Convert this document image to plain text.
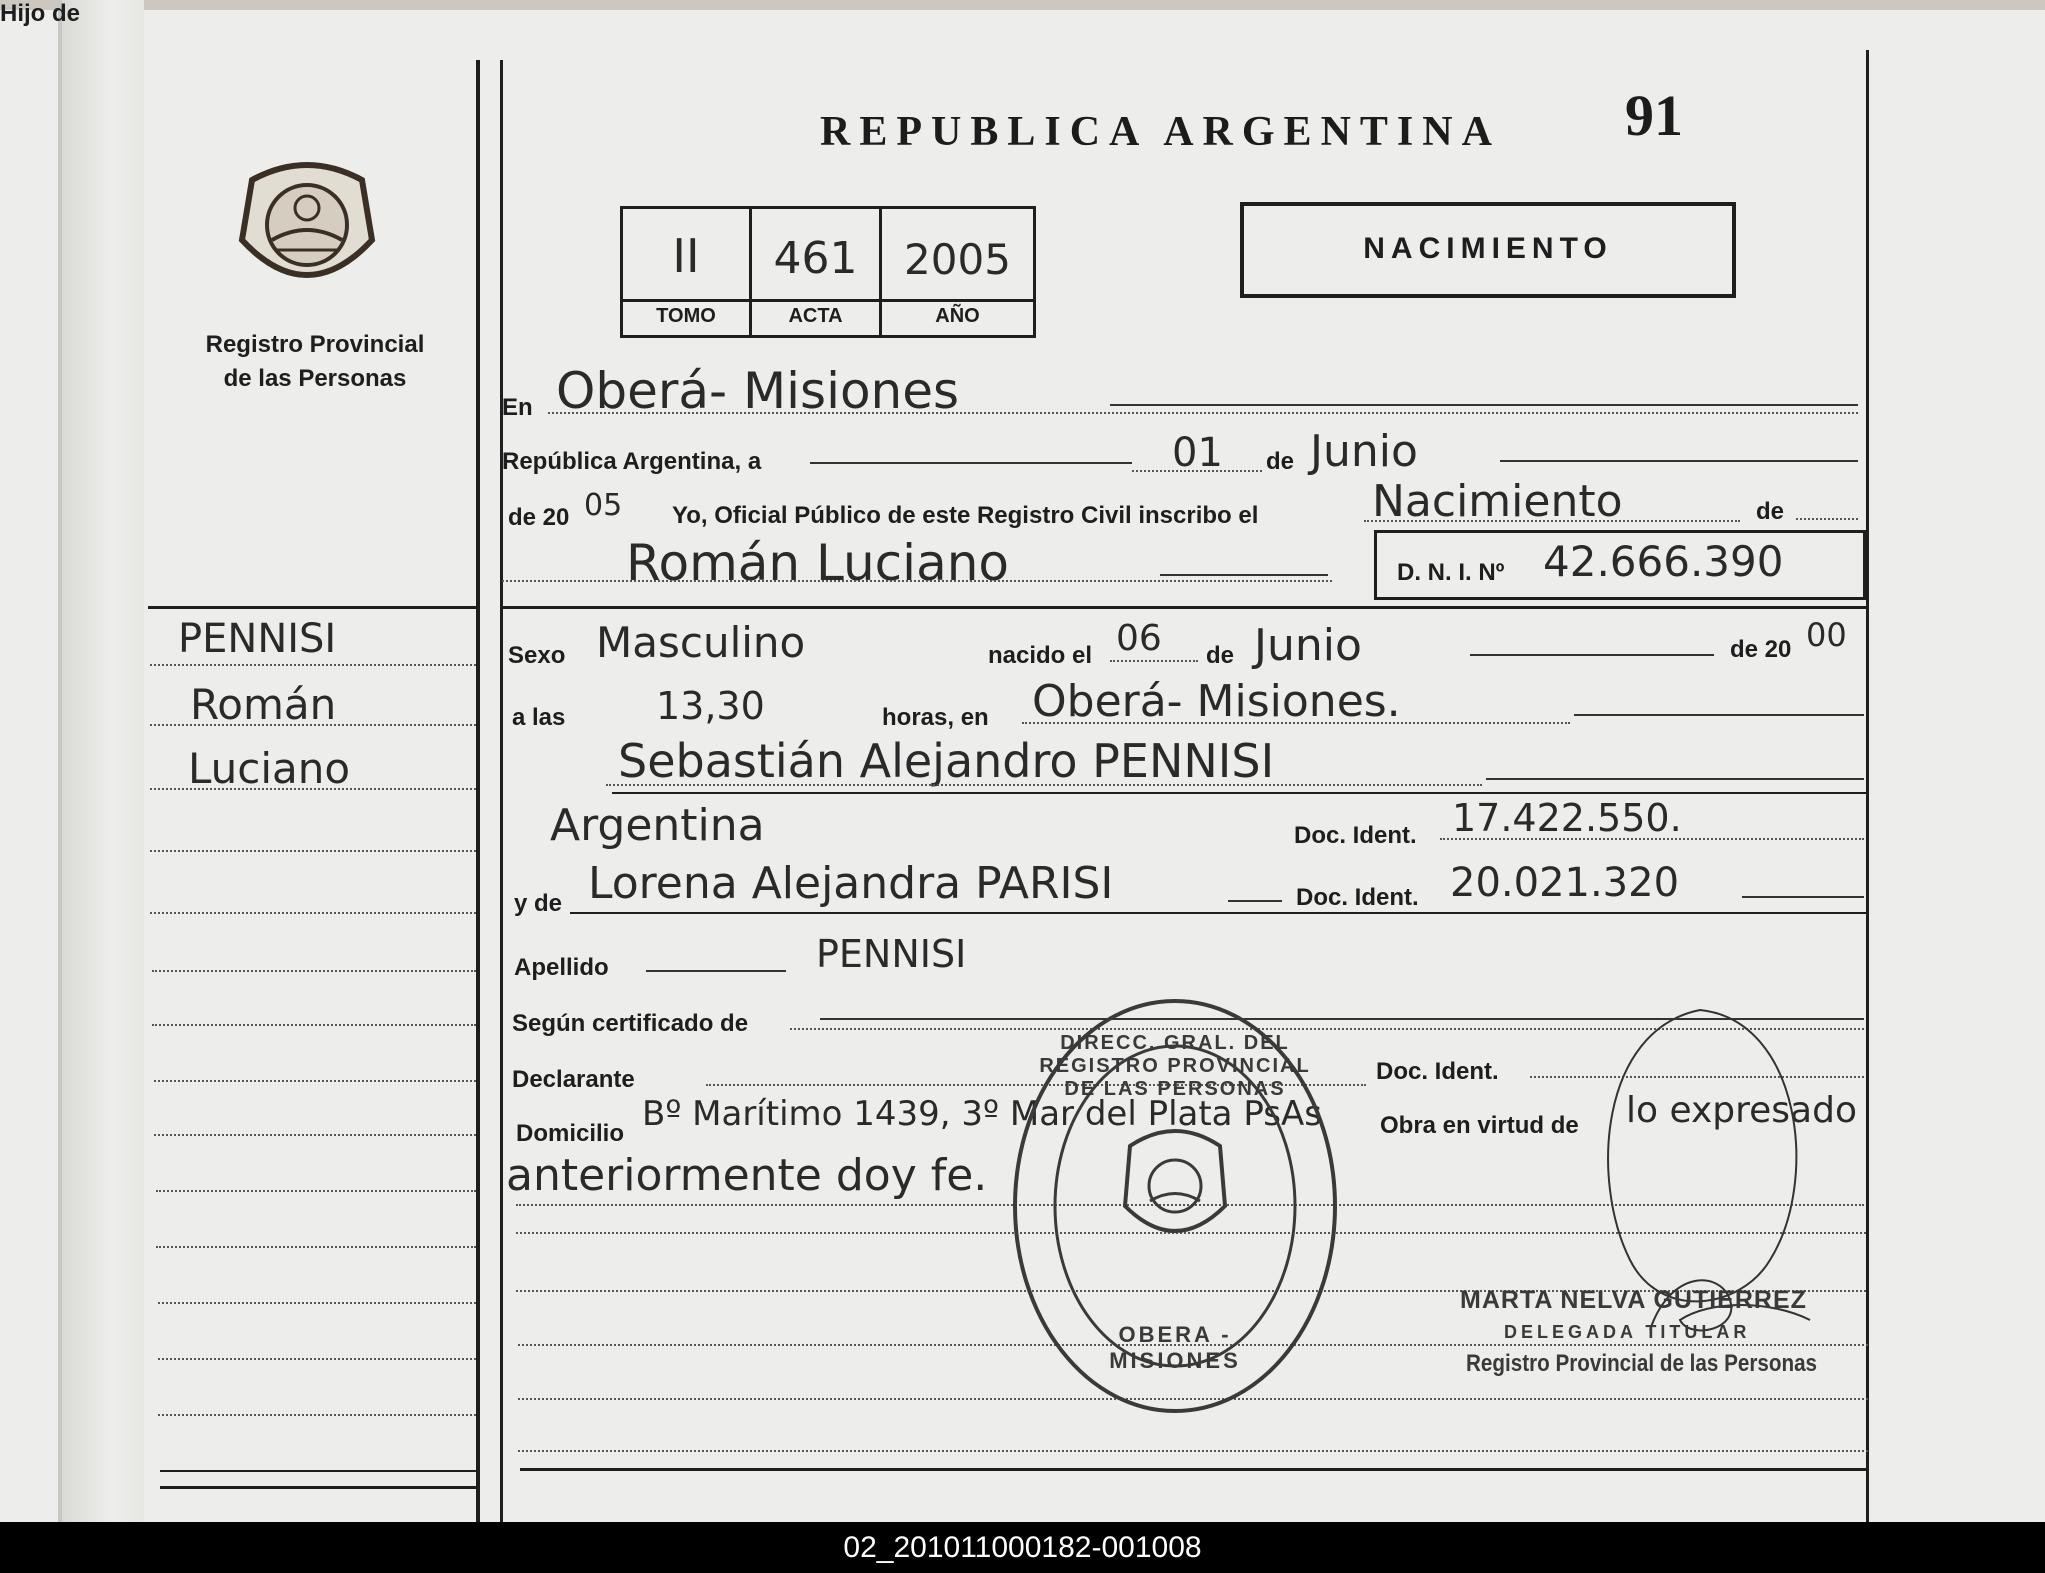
Registro Provincial
de las Personas
REPUBLICA ARGENTINA 91
II	461	2005
TOMO	ACTA	AÑO
NACIMIENTO
PENNISI
Román
Luciano
En Oberá- Misiones
República Argentina, a	01 de Junio
de 20 05 Yo, Oficial Público de este Registro Civil inscribo el	Nacimiento	de
Román Luciano	D. N. I. Nº 42.666.390
Sexo Masculino	nacido el 06 de Junio	de 20 00
a las 13,30	horas, en Oberá- Misiones.
Hijo de
Sebastián Alejandro PENNISI
Argentina	Doc. Ident. 17.422.550.
y de Lorena Alejandra PARISI	Doc. Ident. 20.021.320
Apellido	PENNISI
Según certificado de
Declarante	Doc. Ident.
Domicilio Bº Marítimo 1439, 3º Mar del Plata PsAs Obra en virtud de lo expresado
anteriormente doy fe.
DIRECC. GRAL. DEL REGISTRO PROVINCIAL DE LAS PERSONAS
OBERA - MISIONES
MARTA NELVA GUTIERREZ
DELEGADA TITULAR
Registro Provincial de las Personas
02_201011000182-001008
